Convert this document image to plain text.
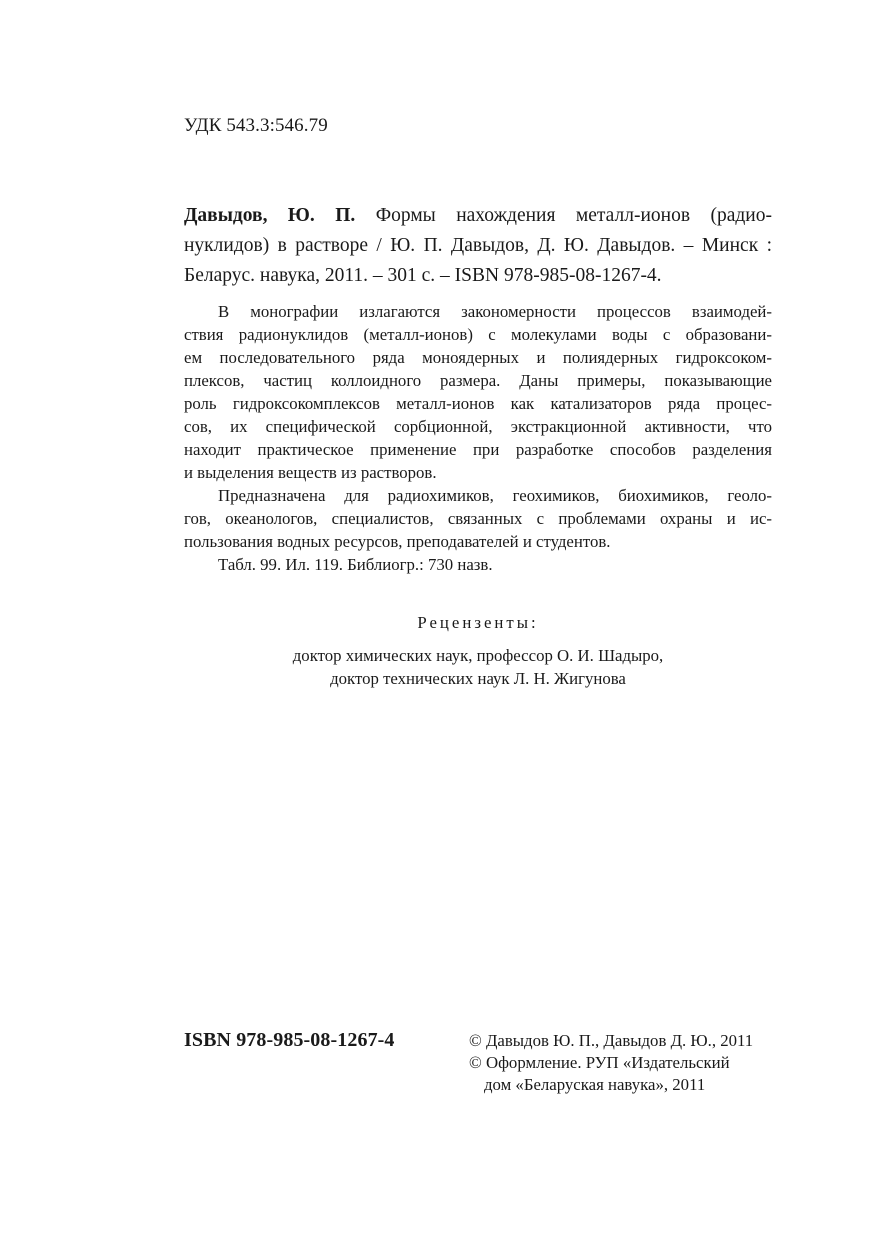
УДК 543.3:546.79
Давыдов, Ю. П. Формы нахождения металл-ионов (радио-
нуклидов) в растворе / Ю. П. Давыдов, Д. Ю. Давыдов. – Минск :
Беларус. навука, 2011. – 301 с. – ISBN 978-985-08-1267-4.
В монографии излагаются закономерности процессов взаимодей-
ствия радионуклидов (металл-ионов) с молекулами воды с образовани-
ем последовательного ряда моноядерных и полиядерных гидроксоком-
плексов, частиц коллоидного размера. Даны примеры, показывающие
роль гидроксокомплексов металл-ионов как катализаторов ряда процес-
сов, их специфической сорбционной, экстракционной активности, что
находит практическое применение при разработке способов разделения
и выделения веществ из растворов.
Предназначена для радиохимиков, геохимиков, биохимиков, геоло-
гов, океанологов, специалистов, связанных с проблемами охраны и ис-
пользования водных ресурсов, преподавателей и студентов.
Табл. 99. Ил. 119. Библиогр.: 730 назв.
Рецензенты:
доктор химических наук, профессор О. И. Шадыро,
доктор технических наук Л. Н. Жигунова
ISBN 978-985-08-1267-4	© Давыдов Ю. П., Давыдов Д. Ю., 2011
© Оформление. РУП «Издательский
дом «Беларуская навука», 2011
